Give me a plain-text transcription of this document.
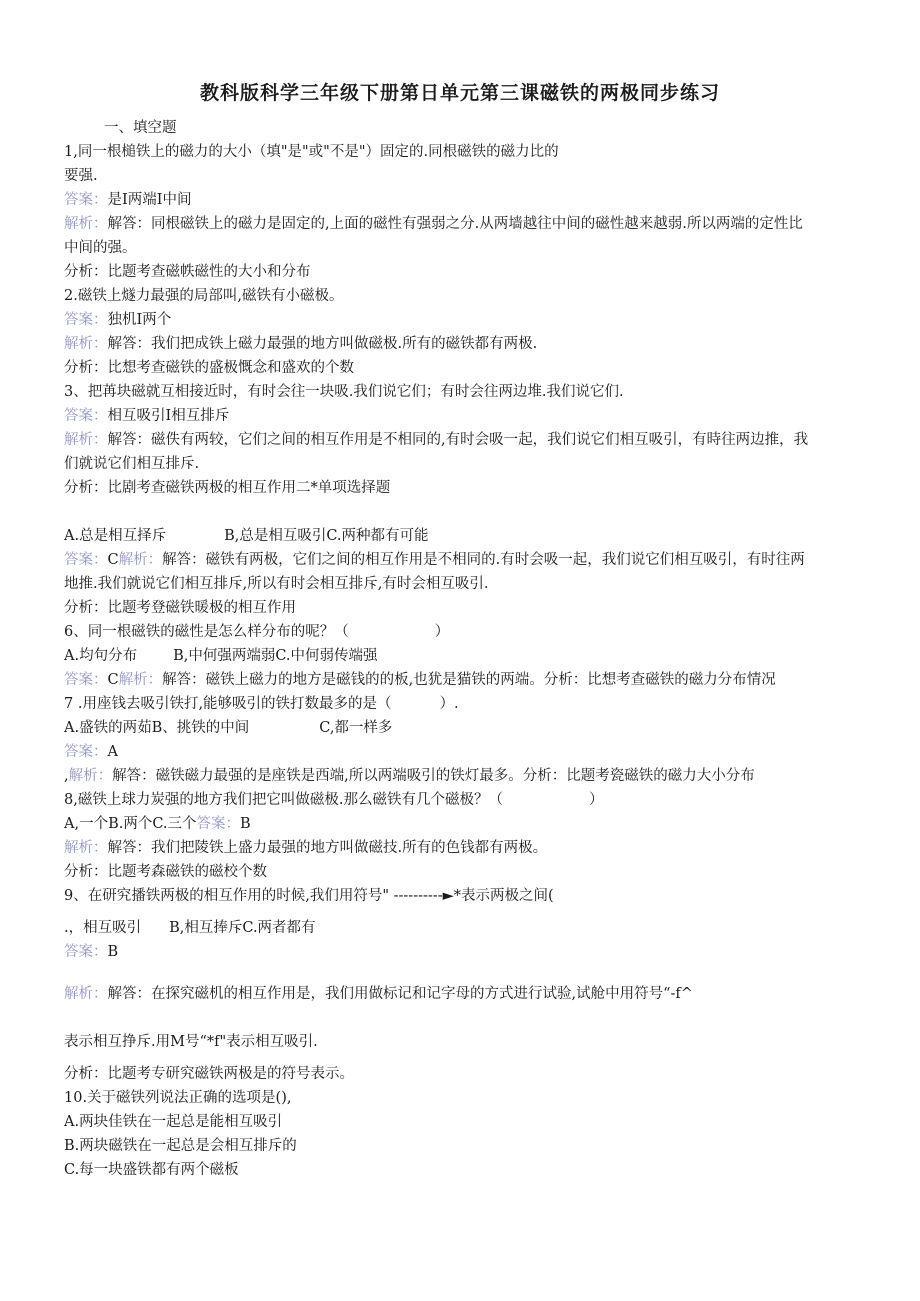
教科版科学三年级下册第日单元第三课磁铁的两极同步练习
一、填空题
1,同一根槌铁上的磁力的大小（填"是"或"不是"）固定的.同根磁铁的磁力比的
要强.
答案：是I两端I中间
解析：解答：同根磁铁上的磁力是固定的,上面的磁性有强弱之分.从两墙越往中间的磁性越来越弱.所以两端的定性比
中间的强。
分析：比题考查磁帙磁性的大小和分布
2.磁铁上燧力最强的局部叫,磁铁有小磁极。
答案：独机I两个
解析：解答：我们把成铁上磁力最强的地方叫做磁极.所有的磁铁都有两极.
分析：比想考查磁铁的盛极慨念和盛欢的个数
3、把苒块磁就互相接近时，有时会往一块吸.我们说它们；有时会往两边堆.我们说它们.
答案：相互吸引I相互排斥
解析：解答：磁佚有两较，它们之间的相互作用是不相同的,有时会吸一起，我们说它们相互吸引，有時往两边推，我
们就说它们相互排斥.
分析：比剧考查磁铁两极的相互作用二*单项选择题
A.总是相互择斥	B,总是相互吸引C.两种都有可能
答案：C解析：解答：磁铁有两极，它们之间的相互作用是不相同的.有时会吸一起，我们说它们相互吸引，有时往两
地推.我们就说它们相互排斥,所以有时会相互排斥,有时会相互吸引.
分析：比题考登磁铁暖极的相互作用
6、同一根磁铁的磁性是怎么样分布的呢？（	）
A.均句分布 B,中何强两端弱C.中何弱传端强
答案：C解析：解答：磁铁上磁力的地方是磁钱的的板,也犹是猫铁的两端。分析：比想考查磁铁的磁力分布情况
7 .用座钱去吸引铁打,能够吸引的铁打数最多的是（	）.
A.盛铁的两茹B、挑铁的中间	C,都一样多
答案：A
,解析：解答：磁铁磁力最强的是座铁是西端,所以两端吸引的铁灯最多。分析：比题考瓷磁铁的磁力大小分布
8,磁铁上球力炭强的地方我们把它叫做磁极.那么磁铁有几个磁极？（	）
A,一个B.两个C.三个答案：B
解析：解答：我们把陵铁上盛力最强的地方叫做磁技.所有的色钱都有两极。
分析：比题考森磁铁的磁校个数
9、在研究播铁两极的相互作用的时候,我们用符号" ----------►*表示两极之间(
.，相互吸引 B,相互捧斥C.两者都有
答案：B
解析：解答：在探究磁机的相互作用是，我们用做标记和记字母的方式进行试验,试舱中用符号“-f^
表示相互挣斥.用M号“*f"表示相互吸引.
分析：比题考专研究磁铁两极是的符号表示。
10.关于磁铁列说法正确的选项是(),
A.两块佳铁在一起总是能相互吸引
B.两块磁铁在一起总是会相互排斥的
C.每一块盛铁都有两个磁板
